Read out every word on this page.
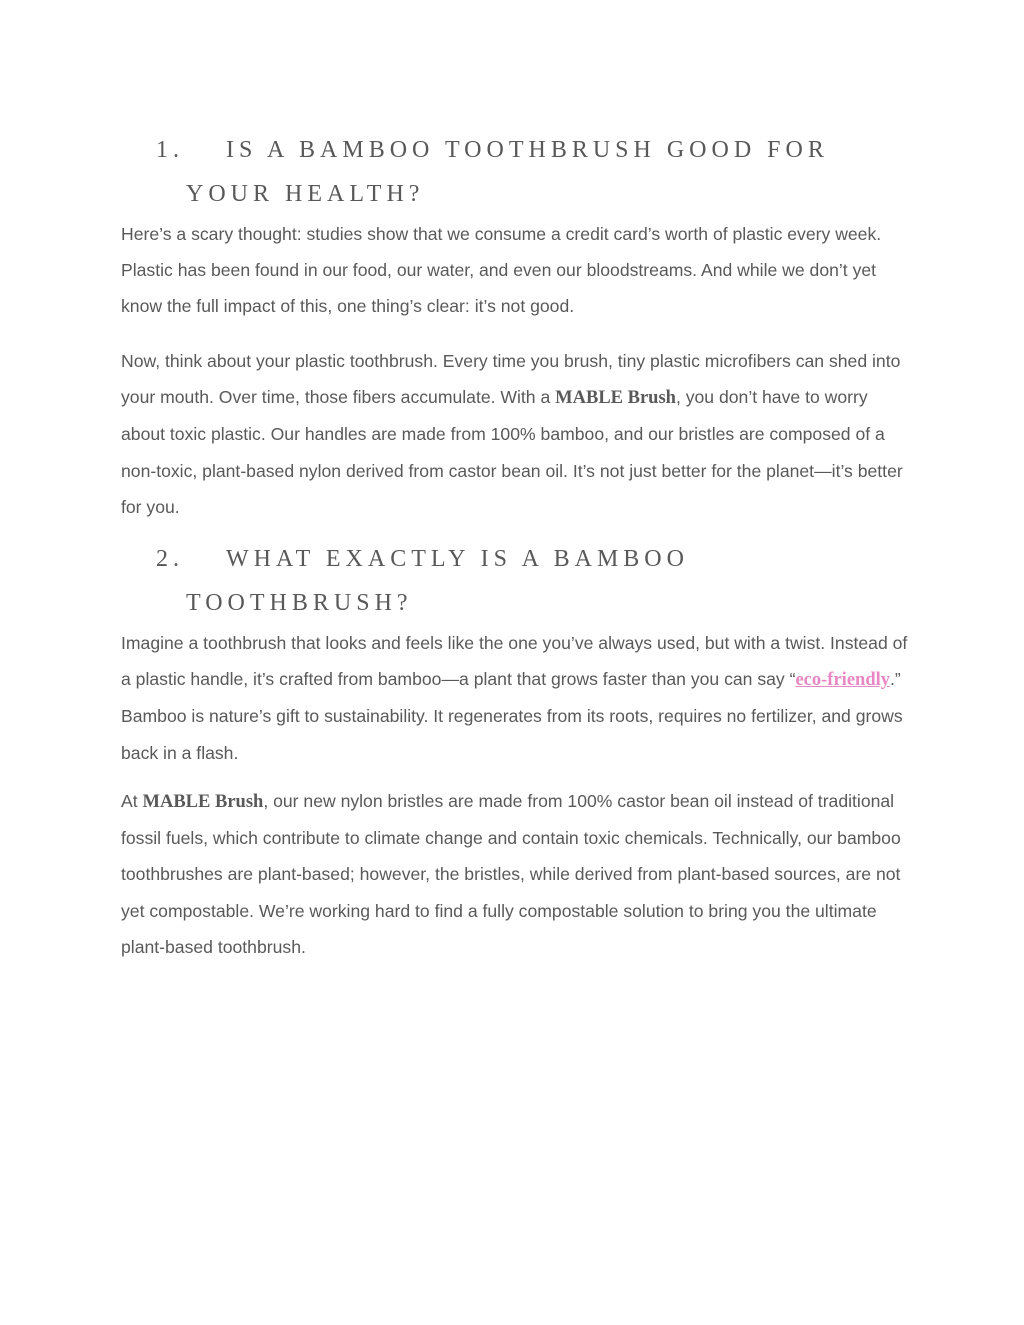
1. IS A BAMBOO TOOTHBRUSH GOOD FOR
YOUR HEALTH?

Here’s a scary thought: studies show that we consume a credit card’s worth of plastic every week. Plastic has been found in our food, our water, and even our bloodstreams. And while we don’t yet know the full impact of this, one thing’s clear: it’s not good.

Now, think about your plastic toothbrush. Every time you brush, tiny plastic microfibers can shed into your mouth. Over time, those fibers accumulate. With a MABLE Brush, you don’t have to worry about toxic plastic. Our handles are made from 100% bamboo, and our bristles are composed of a non-toxic, plant-based nylon derived from castor bean oil. It’s not just better for the planet—it’s better for you.

2. WHAT EXACTLY IS A BAMBOO
TOOTHBRUSH?

Imagine a toothbrush that looks and feels like the one you’ve always used, but with a twist. Instead of a plastic handle, it’s crafted from bamboo—a plant that grows faster than you can say “eco-friendly.” Bamboo is nature’s gift to sustainability. It regenerates from its roots, requires no fertilizer, and grows back in a flash.

At MABLE Brush, our new nylon bristles are made from 100% castor bean oil instead of traditional fossil fuels, which contribute to climate change and contain toxic chemicals. Technically, our bamboo toothbrushes are plant-based; however, the bristles, while derived from plant-based sources, are not yet compostable. We’re working hard to find a fully compostable solution to bring you the ultimate plant-based toothbrush.
